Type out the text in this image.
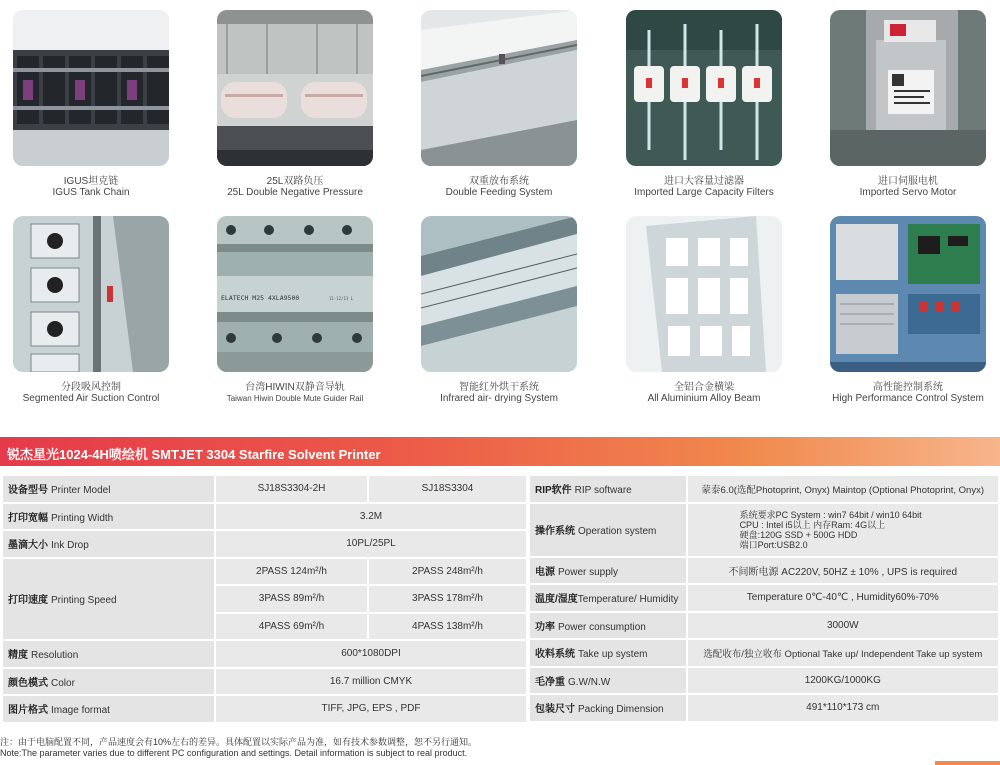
IGUS坦克链
IGUS Tank Chain
25L双路负压
25L Double Negative Pressure
双重放布系统
Double Feeding System
进口大容量过滤器
Imported Large Capacity Filters
进口伺服电机
Imported Servo Motor
分段吸风控制
Segmented Air Suction Control
ELATECH M25 4XLA9500	11-12/13 L
台湾HIWIN双静音导轨
Taiwan Hiwin Double Mute Guider Rail
智能红外烘干系统
Infrared air- drying System
全铝合金横梁
All Aluminium Alloy Beam
高性能控制系统
High Performance Control System
锐杰星光1024-4H喷绘机 SMTJET 3304 Starfire Solvent Printer
设备型号 Printer Model	SJ18S3304-2H	SJ18S3304
打印宽幅 Printing Width	3.2M	
墨滴大小 Ink Drop	10PL/25PL	
打印速度 Printing Speed	2PASS 124m²/h	2PASS 248m²/h
	3PASS 89m²/h	3PASS 178m²/h
	4PASS 69m²/h	4PASS 138m²/h
精度 Resolution	600*1080DPI	
颜色模式 Color	16.7 million CMYK	
图片格式 Image format	TIFF, JPG, EPS , PDF	
RIP软件 RIP software	蒙泰6.0(选配Photoprint, Onyx) Maintop (Optional Photoprint, Onyx)
操作系统 Operation system	系统要求PC System : win7 64bit / win10 64bit
CPU : Intel i5以上 内存Ram: 4G以上
硬盘:120G SSD + 500G HDD
端口Port:USB2.0

电源 Power supply	不间断电源 AC220V, 50HZ ± 10% , UPS is required
温度/湿度Temperature/ Humidity	Temperature 0℃-40℃ , Humidity60%-70%
功率 Power consumption	3000W
收料系统 Take up system	选配收布/独立收布 Optional Take up/ Independent Take up system
毛净重 G.W/N.W	1200KG/1000KG
包装尺寸 Packing Dimension	491*110*173 cm
注：由于电脑配置不同，产品速度会有10%左右的差异。具体配置以实际产品为准，如有技术参数调整，恕不另行通知。
Note:The parameter varies due to different PC configuration and settings. Detail information is subject to real product.
